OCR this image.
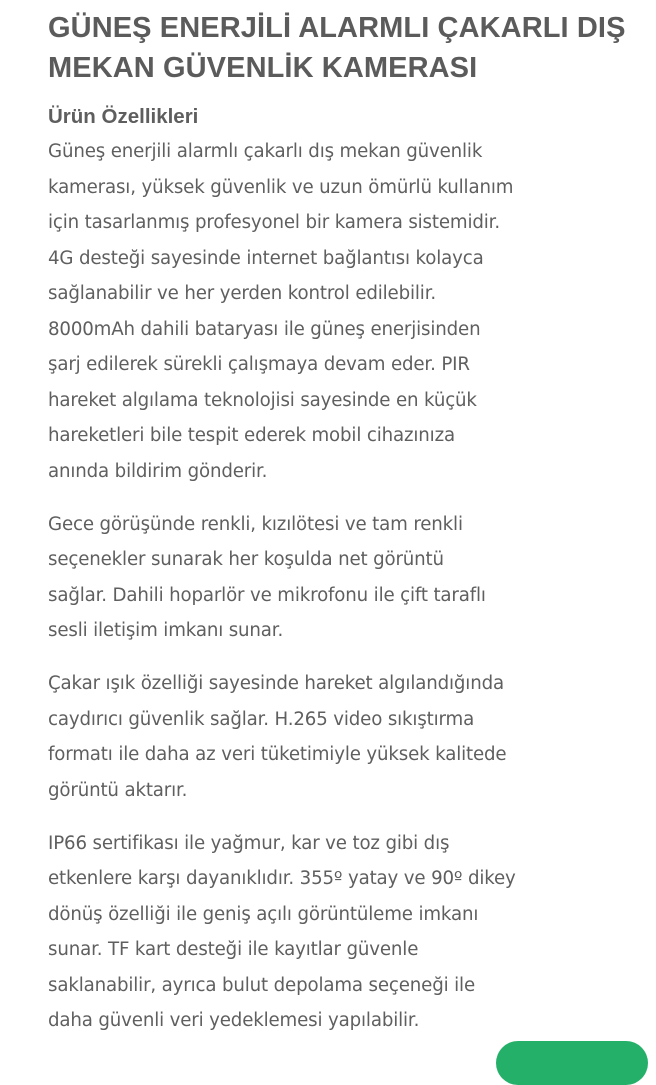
GÜNEŞ ENERJİLİ ALARMLI ÇAKARLI DIŞ
MEKAN GÜVENLİK KAMERASI
Ürün Özellikleri

Güneş enerjili alarmlı çakarlı dış mekan güvenlik
kamerası, yüksek güvenlik ve uzun ömürlü kullanım
için tasarlanmış profesyonel bir kamera sistemidir.
4G desteği sayesinde internet bağlantısı kolayca
sağlanabilir ve her yerden kontrol edilebilir.
8000mAh dahili bataryası ile güneş enerjisinden
şarj edilerek sürekli çalışmaya devam eder. PIR
hareket algılama teknolojisi sayesinde en küçük
hareketleri bile tespit ederek mobil cihazınıza
anında bildirim gönderir.

Gece görüşünde renkli, kızılötesi ve tam renkli
seçenekler sunarak her koşulda net görüntü
sağlar. Dahili hoparlör ve mikrofonu ile çift taraflı
sesli iletişim imkanı sunar.

Çakar ışık özelliği sayesinde hareket algılandığında
caydırıcı güvenlik sağlar. H.265 video sıkıştırma
formatı ile daha az veri tüketimiyle yüksek kalitede
görüntü aktarır.

IP66 sertifikası ile yağmur, kar ve toz gibi dış
etkenlere karşı dayanıklıdır. 355º yatay ve 90º dikey
dönüş özelliği ile geniş açılı görüntüleme imkanı
sunar. TF kart desteği ile kayıtlar güvenle
saklanabilir, ayrıca bulut depolama seçeneği ile
daha güvenli veri yedeklemesi yapılabilir.
